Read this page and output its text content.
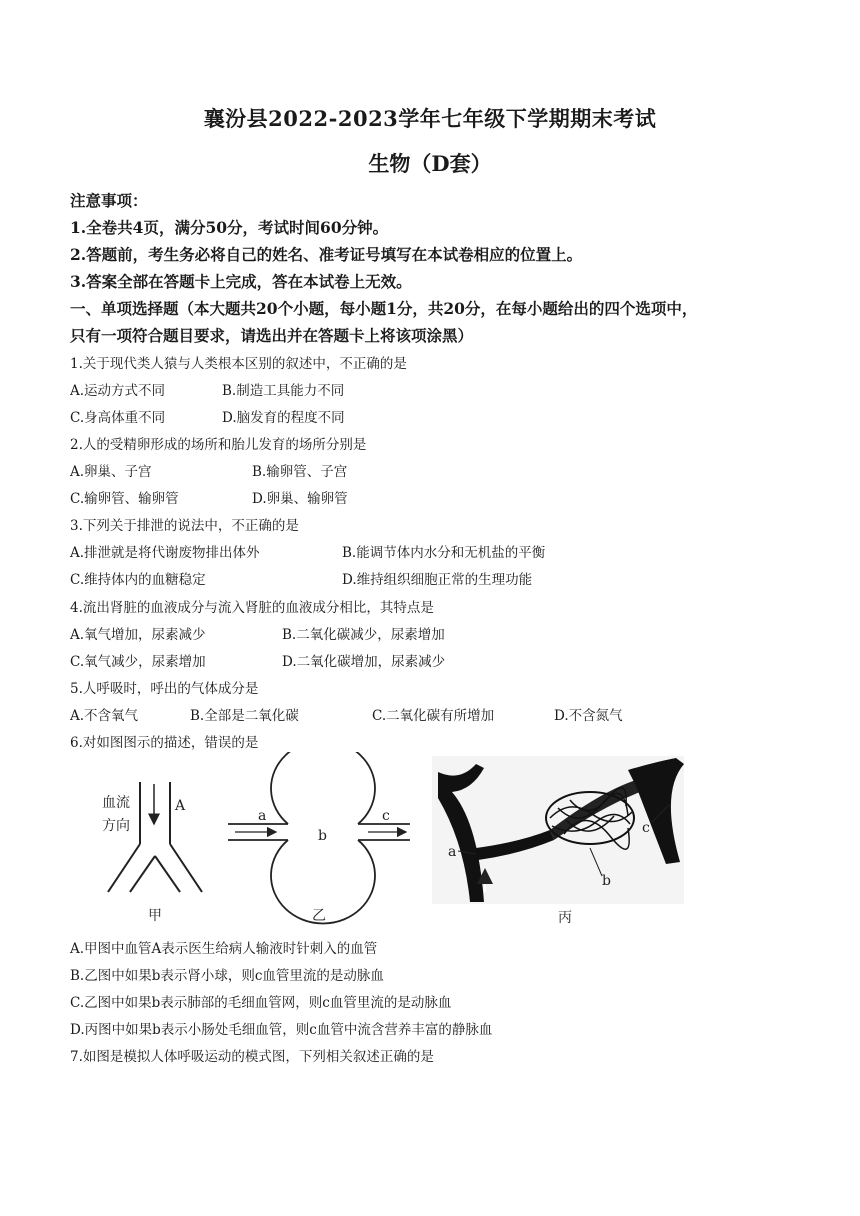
襄汾县2022-2023学年七年级下学期期末考试
生物（D套）
注意事项：
1.全卷共4页，满分50分，考试时间60分钟。
2.答题前，考生务必将自己的姓名、准考证号填写在本试卷相应的位置上。
3.答案全部在答题卡上完成，答在本试卷上无效。
一、单项选择题（本大题共20个小题，每小题1分，共20分，在每小题给出的四个选项中，
只有一项符合题目要求，请选出并在答题卡上将该项涂黑）
1.关于现代类人猿与人类根本区别的叙述中，不正确的是
A.运动方式不同	B.制造工具能力不同
C.身高体重不同	D.脑发育的程度不同
2.人的受精卵形成的场所和胎儿发育的场所分别是
A.卵巢、子宫	B.输卵管、子宫
C.输卵管、输卵管	D.卵巢、输卵管
3.下列关于排泄的说法中，不正确的是
A.排泄就是将代谢废物排出体外	B.能调节体内水分和无机盐的平衡
C.维持体内的血糖稳定	D.维持组织细胞正常的生理功能
4.流出肾脏的血液成分与流入肾脏的血液成分相比，其特点是
A.氧气增加，尿素减少	B.二氧化碳减少，尿素增加
C.氧气减少，尿素增加	D.二氧化碳增加，尿素减少
5.人呼吸时，呼出的气体成分是
A.不含氧气	B.全部是二氧化碳	C.二氧化碳有所增加	D.不含氮气
6.对如图图示的描述，错误的是
血流
方向
A
甲
a
b
c
乙
a
b
c
丙
A.甲图中血管A表示医生给病人输液时针刺入的血管
B.乙图中如果b表示肾小球，则c血管里流的是动脉血
C.乙图中如果b表示肺部的毛细血管网，则c血管里流的是动脉血
D.丙图中如果b表示小肠处毛细血管，则c血管中流含营养丰富的静脉血
7.如图是模拟人体呼吸运动的模式图，下列相关叙述正确的是
